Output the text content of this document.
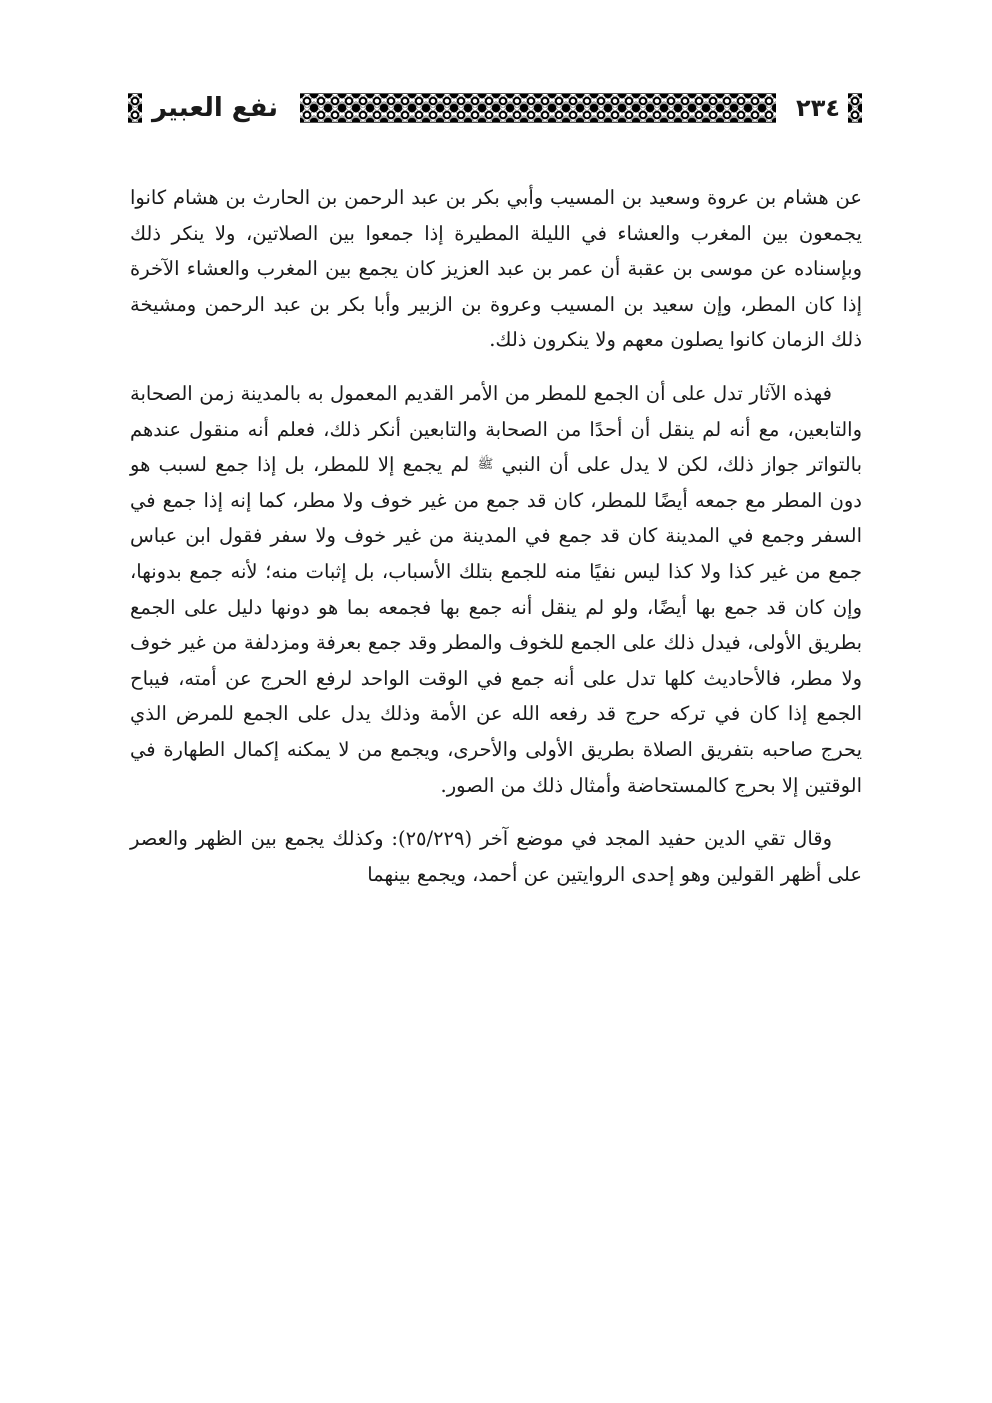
٢٣٤
نفع العبير

عن هشام بن عروة وسعيد بن المسيب وأبي بكر بن عبد الرحمن بن الحارث بن هشام كانوا يجمعون بين المغرب والعشاء في الليلة المطيرة إذا جمعوا بين الصلاتين، ولا ينكر ذلك وبإسناده عن موسى بن عقبة أن عمر بن عبد العزيز كان يجمع بين المغرب والعشاء الآخرة إذا كان المطر، وإن سعيد بن المسيب وعروة بن الزبير وأبا بكر بن عبد الرحمن ومشيخة ذلك الزمان كانوا يصلون معهم ولا ينكرون ذلك.

فهذه الآثار تدل على أن الجمع للمطر من الأمر القديم المعمول به بالمدينة زمن الصحابة والتابعين، مع أنه لم ينقل أن أحدًا من الصحابة والتابعين أنكر ذلك، فعلم أنه منقول عندهم بالتواتر جواز ذلك، لكن لا يدل على أن النبي ﷺ لم يجمع إلا للمطر، بل إذا جمع لسبب هو دون المطر مع جمعه أيضًا للمطر، كان قد جمع من غير خوف ولا مطر، كما إنه إذا جمع في السفر وجمع في المدينة كان قد جمع في المدينة من غير خوف ولا سفر فقول ابن عباس جمع من غير كذا ولا كذا ليس نفيًا منه للجمع بتلك الأسباب، بل إثبات منه؛ لأنه جمع بدونها، وإن كان قد جمع بها أيضًا، ولو لم ينقل أنه جمع بها فجمعه بما هو دونها دليل على الجمع بطريق الأولى، فيدل ذلك على الجمع للخوف والمطر وقد جمع بعرفة ومزدلفة من غير خوف ولا مطر، فالأحاديث كلها تدل على أنه جمع في الوقت الواحد لرفع الحرج عن أمته، فيباح الجمع إذا كان في تركه حرج قد رفعه الله عن الأمة وذلك يدل على الجمع للمرض الذي يحرج صاحبه بتفريق الصلاة بطريق الأولى والأحرى، ويجمع من لا يمكنه إكمال الطهارة في الوقتين إلا بحرج كالمستحاضة وأمثال ذلك من الصور.

وقال تقي الدين حفيد المجد في موضع آخر (٢٥/٢٢٩): وكذلك يجمع بين الظهر والعصر على أظهر القولين وهو إحدى الروايتين عن أحمد، ويجمع بينهما
